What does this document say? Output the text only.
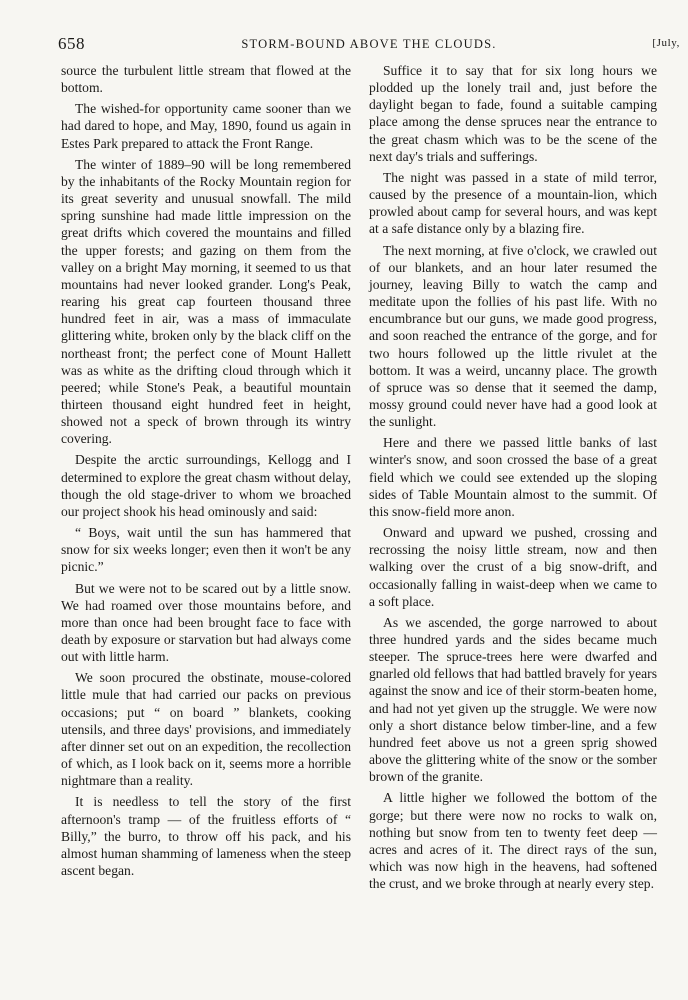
658	STORM-BOUND ABOVE THE CLOUDS.	[July,

source the turbulent little stream that flowed at the bottom.

The wished-for opportunity came sooner than we had dared to hope, and May, 1890, found us again in Estes Park prepared to attack the Front Range.

The winter of 1889–90 will be long remembered by the inhabitants of the Rocky Mountain region for its great severity and unusual snowfall. The mild spring sunshine had made little impression on the great drifts which covered the mountains and filled the upper forests; and gazing on them from the valley on a bright May morning, it seemed to us that mountains had never looked grander. Long's Peak, rearing his great cap fourteen thousand three hundred feet in air, was a mass of immaculate glittering white, broken only by the black cliff on the northeast front; the perfect cone of Mount Hallett was as white as the drifting cloud through which it peered; while Stone's Peak, a beautiful mountain thirteen thousand eight hundred feet in height, showed not a speck of brown through its wintry covering.

Despite the arctic surroundings, Kellogg and I determined to explore the great chasm without delay, though the old stage-driver to whom we broached our project shook his head ominously and said:

“ Boys, wait until the sun has hammered that snow for six weeks longer; even then it won't be any picnic.”

But we were not to be scared out by a little snow. We had roamed over those mountains before, and more than once had been brought face to face with death by exposure or starvation but had always come out with little harm.

We soon procured the obstinate, mouse-colored little mule that had carried our packs on previous occasions; put “ on board ” blankets, cooking utensils, and three days' provisions, and immediately after dinner set out on an expedition, the recollection of which, as I look back on it, seems more a horrible nightmare than a reality.

It is needless to tell the story of the first afternoon's tramp — of the fruitless efforts of “ Billy,” the burro, to throw off his pack, and his almost human shamming of lameness when the steep ascent began.

Suffice it to say that for six long hours we plodded up the lonely trail and, just before the daylight began to fade, found a suitable camping place among the dense spruces near the entrance to the great chasm which was to be the scene of the next day's trials and sufferings.

The night was passed in a state of mild terror, caused by the presence of a mountain-lion, which prowled about camp for several hours, and was kept at a safe distance only by a blazing fire.

The next morning, at five o'clock, we crawled out of our blankets, and an hour later resumed the journey, leaving Billy to watch the camp and meditate upon the follies of his past life. With no encumbrance but our guns, we made good progress, and soon reached the entrance of the gorge, and for two hours followed up the little rivulet at the bottom. It was a weird, uncanny place. The growth of spruce was so dense that it seemed the damp, mossy ground could never have had a good look at the sunlight.

Here and there we passed little banks of last winter's snow, and soon crossed the base of a great field which we could see extended up the sloping sides of Table Mountain almost to the summit. Of this snow-field more anon.

Onward and upward we pushed, crossing and recrossing the noisy little stream, now and then walking over the crust of a big snow-drift, and occasionally falling in waist-deep when we came to a soft place.

As we ascended, the gorge narrowed to about three hundred yards and the sides became much steeper. The spruce-trees here were dwarfed and gnarled old fellows that had battled bravely for years against the snow and ice of their storm-beaten home, and had not yet given up the struggle. We were now only a short distance below timber-line, and a few hundred feet above us not a green sprig showed above the glittering white of the snow or the somber brown of the granite.

A little higher we followed the bottom of the gorge; but there were now no rocks to walk on, nothing but snow from ten to twenty feet deep — acres and acres of it. The direct rays of the sun, which was now high in the heavens, had softened the crust, and we broke through at nearly every step.
